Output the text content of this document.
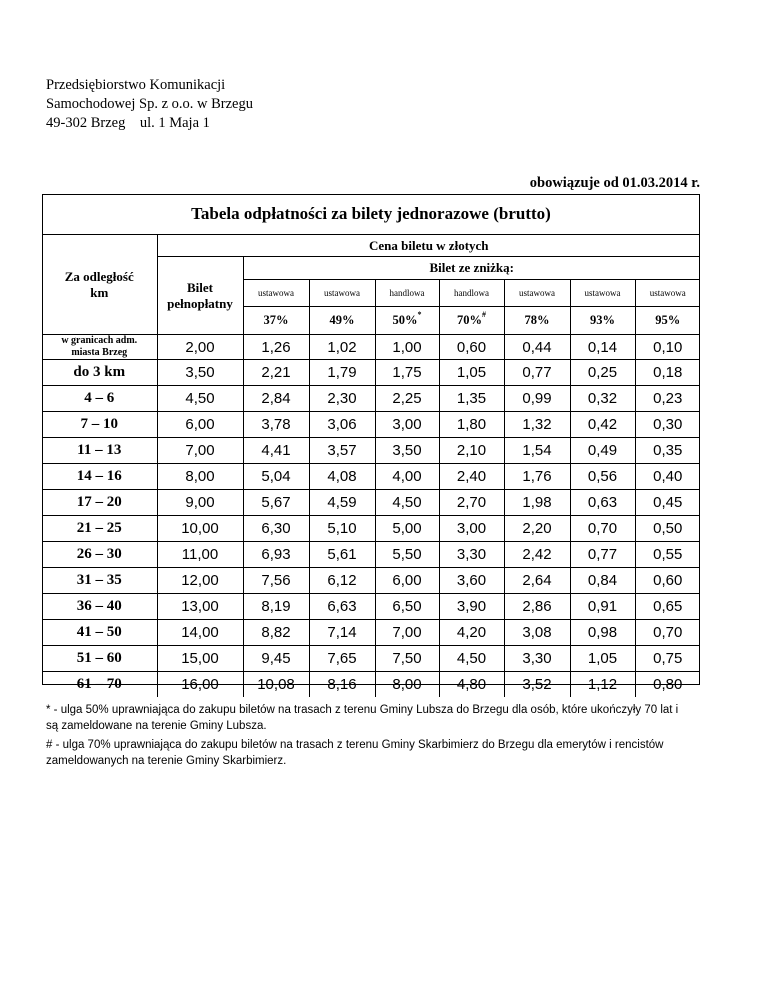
Przedsiębiorstwo Komunikacji
Samochodowej Sp. z o.o. w Brzegu
49-302 Brzeg    ul. 1 Maja 1
obowiązuje od 01.03.2014 r.
Tabela odpłatności za bilety jednorazowe (brutto)
Za odległość km	Cena biletu w złotych							
	Bilet pełnopłatny	Bilet ze zniżką:						
		ustawowa	ustawowa	handlowa	handlowa	ustawowa	ustawowa	ustawowa
		37%	49%	50%*	70%#	78%	93%	95%
w granicach adm. miasta Brzeg	2,00	1,26	1,02	1,00	0,60	0,44	0,14	0,10
do 3 km	3,50	2,21	1,79	1,75	1,05	0,77	0,25	0,18
4 – 6	4,50	2,84	2,30	2,25	1,35	0,99	0,32	0,23
7 – 10	6,00	3,78	3,06	3,00	1,80	1,32	0,42	0,30
11 – 13	7,00	4,41	3,57	3,50	2,10	1,54	0,49	0,35
14 – 16	8,00	5,04	4,08	4,00	2,40	1,76	0,56	0,40
17 – 20	9,00	5,67	4,59	4,50	2,70	1,98	0,63	0,45
21 – 25	10,00	6,30	5,10	5,00	3,00	2,20	0,70	0,50
26 – 30	11,00	6,93	5,61	5,50	3,30	2,42	0,77	0,55
31 – 35	12,00	7,56	6,12	6,00	3,60	2,64	0,84	0,60
36 – 40	13,00	8,19	6,63	6,50	3,90	2,86	0,91	0,65
41 – 50	14,00	8,82	7,14	7,00	4,20	3,08	0,98	0,70
51 – 60	15,00	9,45	7,65	7,50	4,50	3,30	1,05	0,75
61 – 70	16,00	10,08	8,16	8,00	4,80	3,52	1,12	0,80

* - ulga 50% uprawniająca do zakupu biletów na trasach z terenu Gminy Lubsza do Brzegu dla osób, które ukończyły 70 lat i są zameldowane na terenie Gminy Lubsza.

# - ulga 70% uprawniająca do zakupu biletów na trasach z terenu Gminy Skarbimierz do Brzegu dla emerytów i rencistów zameldowanych na terenie Gminy Skarbimierz.
